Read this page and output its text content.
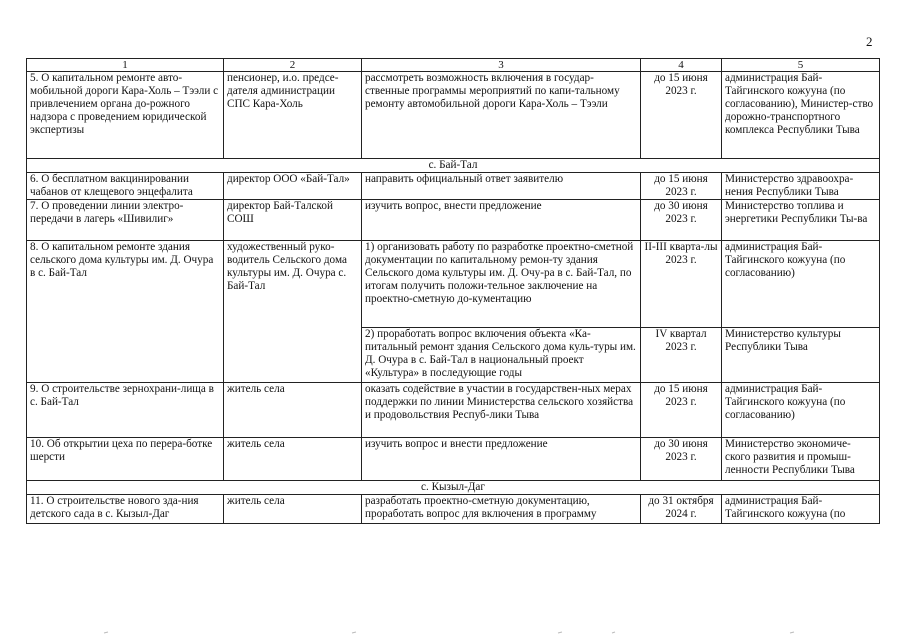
2
1	2	3	4	5
5. О капитальном ремонте авто-мобильной дороги Кара-Холь – Тээли с привлечением органа до-рожного надзора с проведением юридической экспертизы	пенсионер, и.о. предсе-дателя администрации СПС Кара-Холь	рассмотреть возможность включения в государ-ственные программы мероприятий по капи-тальному ремонту автомобильной дороги Кара-Холь – Тээли	до 15 июня 2023 г.	администрация Бай-Тайгинского кожууна (по согласованию), Министер-ство дорожно-транспортного комплекса Республики Тыва
с. Бай-Тал				
6. О бесплатном вакцинировании чабанов от клещевого энцефалита	директор ООО «Бай-Тал»	направить официальный ответ заявителю	до 15 июня 2023 г.	Министерство здравоохра-нения Республики Тыва
7. О проведении линии электро-передачи в лагерь «Шивилиг»	директор Бай-Талской СОШ	изучить вопрос, внести предложение	до 30 июня 2023 г.	Министерство топлива и энергетики Республики Ты-ва
8. О капитальном ремонте здания сельского дома культуры им. Д. Очура в с. Бай-Тал	художественный руко-водитель Сельского дома культуры им. Д. Очура с. Бай-Тал	1) организовать работу по разработке проектно-сметной документации по капитальному ремон-ту здания Сельского дома культуры им. Д. Очу-ра в с. Бай-Тал, по итогам получить положи-тельное заключение на проектно-сметную до-кументацию	II-III кварта-лы 2023 г.	администрация Бай-Тайгинского кожууна (по согласованию)
		2) проработать вопрос включения объекта «Ка-питальный ремонт здания Сельского дома куль-туры им. Д. Очура в с. Бай-Тал в национальный проект «Культура» в последующие годы	IV квартал 2023 г.	Министерство культуры Республики Тыва
9. О строительстве зернохрани-лища в с. Бай-Тал	житель села	оказать содействие в участии в государствен-ных мерах поддержки по линии Министерства сельского хозяйства и продовольствия Респуб-лики Тыва	до 15 июня 2023 г.	администрация Бай-Тайгинского кожууна (по согласованию)
10. Об открытии цеха по перера-ботке шерсти	житель села	изучить вопрос и внести предложение	до 30 июня 2023 г.	Министерство экономиче-ского развития и промыш-ленности Республики Тыва
с. Кызыл-Даг				
11. О строительстве нового зда-ния детского сада в с. Кызыл-Даг	житель села	разработать проектно-сметную документацию, проработать вопрос для включения в программу	до 31 октября 2024 г.	администрация Бай-Тайгинского кожууна (по
